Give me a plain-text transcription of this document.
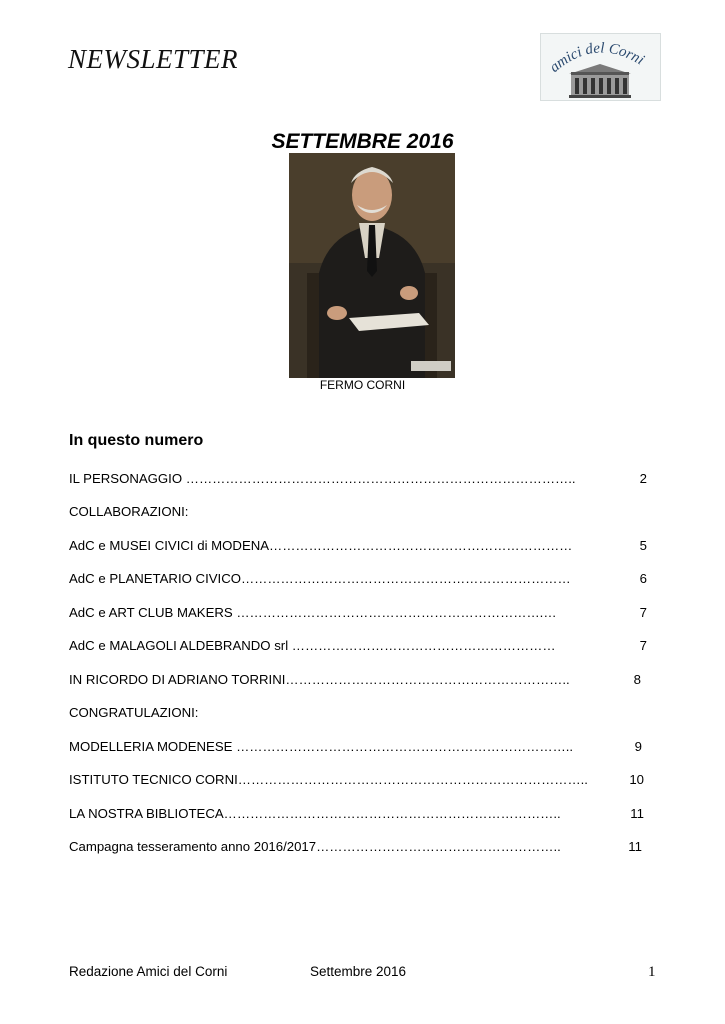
NEWSLETTER	amici del Corni
SETTEMBRE 2016
FERMO CORNI
In questo numero
IL PERSONAGGIO ……………………………………………………………………………..	2
COLLABORAZIONI:
AdC e MUSEI CIVICI di MODENA……………………………………………………………	5
AdC e PLANETARIO CIVICO…………………………………………………………………	6
AdC e ART CLUB MAKERS …………………………………………………………….…	7
AdC e MALAGOLI ALDEBRANDO srl ……………………………………………………	7
IN RICORDO DI ADRIANO TORRINI………………………………………………………..	8
CONGRATULAZIONI:
MODELLERIA MODENESE …………………………………………………………………..	9
ISTITUTO TECNICO CORNI……………………………………………………………………..	10
LA NOSTRA BIBLIOTECA…………………………………………………………………..	11
Campagna tesseramento anno 2016/2017………………………………………………..	11
Redazione Amici del Corni	Settembre 2016	1
